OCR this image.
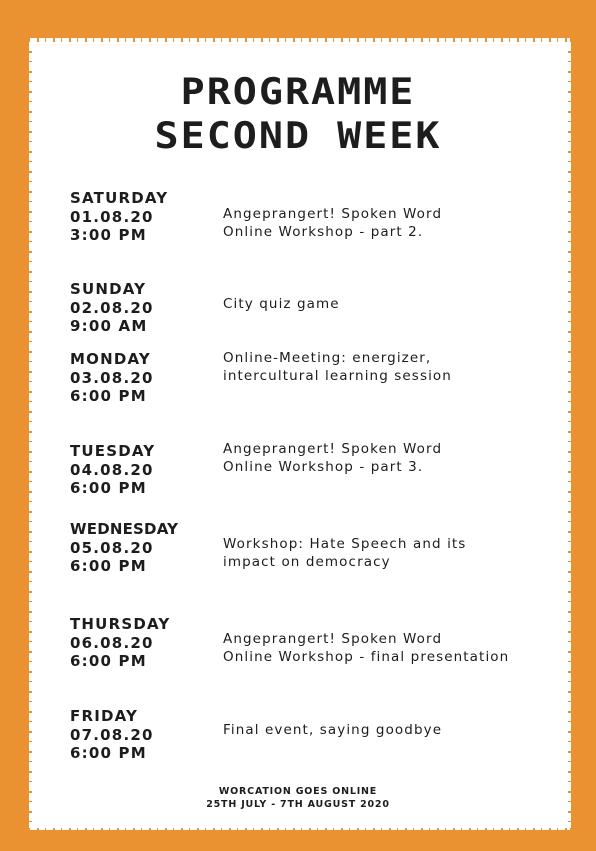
PROGRAMME
SECOND WEEK
SATURDAY
01.08.20
3:00 PM
Angeprangert! Spoken Word
Online Workshop - part 2.
SUNDAY
02.08.20
9:00 AM
City quiz game
MONDAY
03.08.20
6:00 PM
Online-Meeting: energizer,
intercultural learning session
TUESDAY
04.08.20
6:00 PM
Angeprangert! Spoken Word
Online Workshop - part 3.
WEDNESDAY
05.08.20
6:00 PM
Workshop: Hate Speech and its
impact on democracy
THURSDAY
06.08.20
6:00 PM
Angeprangert! Spoken Word
Online Workshop - final presentation
FRIDAY
07.08.20
6:00 PM
Final event, saying goodbye
WORCATION GOES ONLINE
25TH JULY - 7TH AUGUST 2020
